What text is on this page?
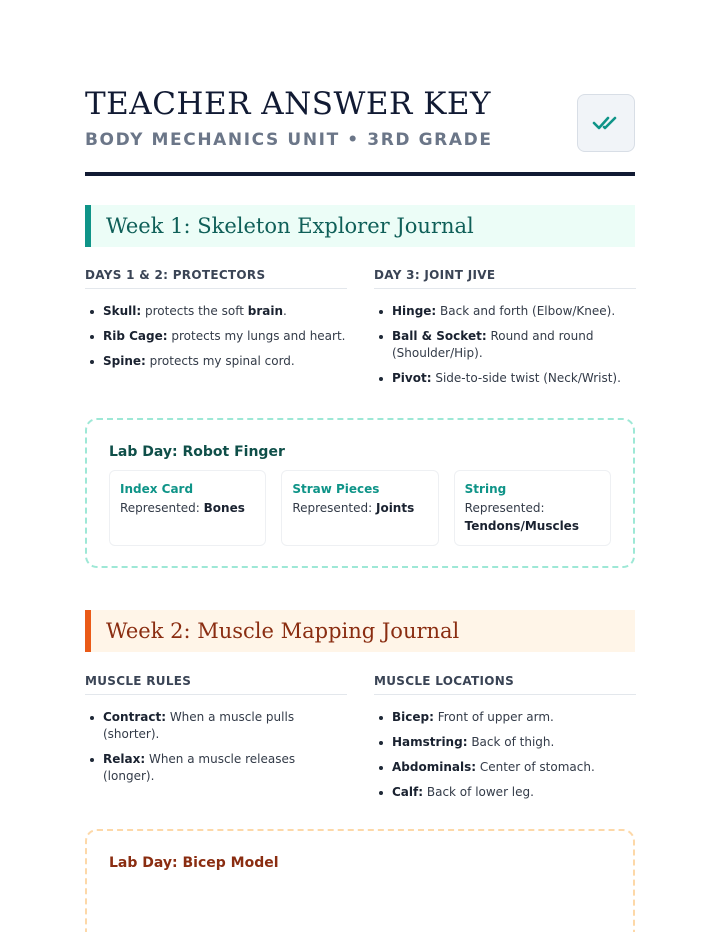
TEACHER ANSWER KEY
BODY MECHANICS UNIT • 3RD GRADE
Week 1: Skeleton Explorer Journal
DAYS 1 & 2: PROTECTORS
Skull: protects the soft brain.
Rib Cage: protects my lungs and heart.
Spine: protects my spinal cord.
DAY 3: JOINT JIVE
Hinge: Back and forth (Elbow/Knee).
Ball & Socket: Round and round (Shoulder/Hip).
Pivot: Side-to-side twist (Neck/Wrist).
Lab Day: Robot Finger
Index Card
Represented: Bones
Straw Pieces
Represented: Joints
String
Represented: Tendons/Muscles
Week 2: Muscle Mapping Journal
MUSCLE RULES
Contract: When a muscle pulls (shorter).
Relax: When a muscle releases (longer).
MUSCLE LOCATIONS
Bicep: Front of upper arm.
Hamstring: Back of thigh.
Abdominals: Center of stomach.
Calf: Back of lower leg.
Lab Day: Bicep Model
